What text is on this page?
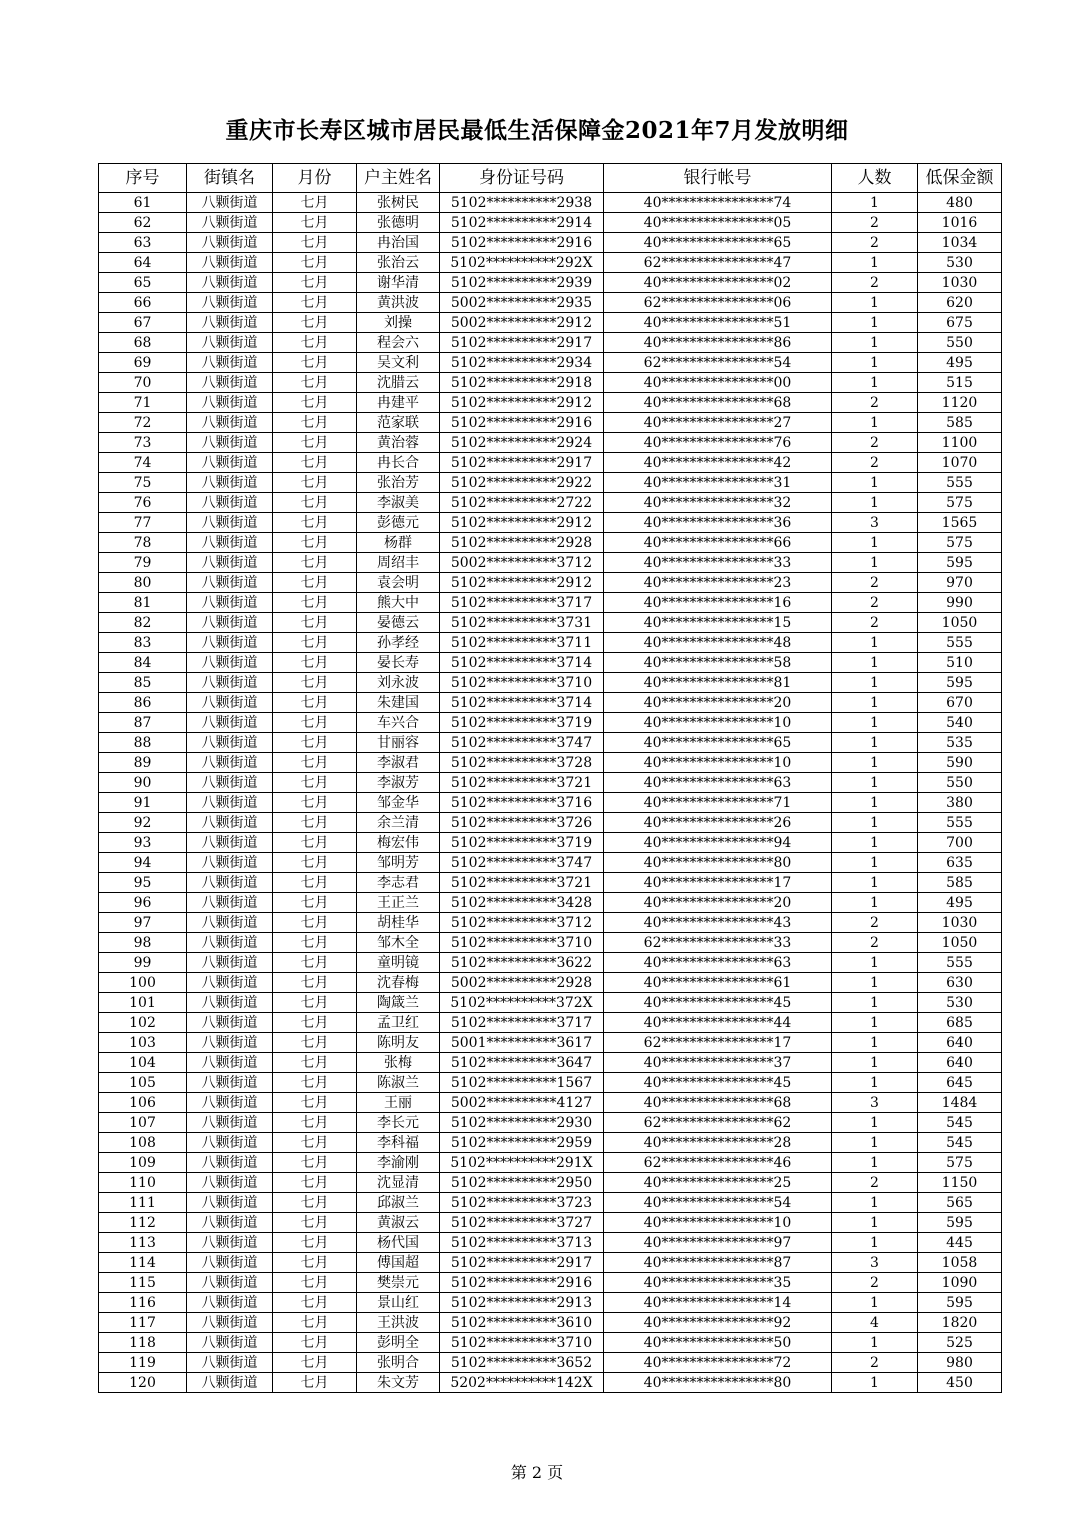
重庆市长寿区城市居民最低生活保障金2021年7月发放明细
序号	街镇名	月份	户主姓名	身份证号码	银行帐号	人数	低保金额
61	八颗街道	七月	张树民	5102**********2938	40****************74	1	480
62	八颗街道	七月	张德明	5102**********2914	40****************05	2	1016
63	八颗街道	七月	冉治国	5102**********2916	40****************65	2	1034
64	八颗街道	七月	张治云	5102**********292X	62****************47	1	530
65	八颗街道	七月	谢华清	5102**********2939	40****************02	2	1030
66	八颗街道	七月	黄洪波	5002**********2935	62****************06	1	620
67	八颗街道	七月	刘操	5002**********2912	40****************51	1	675
68	八颗街道	七月	程会六	5102**********2917	40****************86	1	550
69	八颗街道	七月	吴文利	5102**********2934	62****************54	1	495
70	八颗街道	七月	沈腊云	5102**********2918	40****************00	1	515
71	八颗街道	七月	冉建平	5102**********2912	40****************68	2	1120
72	八颗街道	七月	范家联	5102**********2916	40****************27	1	585
73	八颗街道	七月	黄治蓉	5102**********2924	40****************76	2	1100
74	八颗街道	七月	冉长合	5102**********2917	40****************42	2	1070
75	八颗街道	七月	张治芳	5102**********2922	40****************31	1	555
76	八颗街道	七月	李淑美	5102**********2722	40****************32	1	575
77	八颗街道	七月	彭德元	5102**********2912	40****************36	3	1565
78	八颗街道	七月	杨群	5102**********2928	40****************66	1	575
79	八颗街道	七月	周绍丰	5002**********3712	40****************33	1	595
80	八颗街道	七月	袁会明	5102**********2912	40****************23	2	970
81	八颗街道	七月	熊大中	5102**********3717	40****************16	2	990
82	八颗街道	七月	晏德云	5102**********3731	40****************15	2	1050
83	八颗街道	七月	孙孝经	5102**********3711	40****************48	1	555
84	八颗街道	七月	晏长寿	5102**********3714	40****************58	1	510
85	八颗街道	七月	刘永波	5102**********3710	40****************81	1	595
86	八颗街道	七月	朱建国	5102**********3714	40****************20	1	670
87	八颗街道	七月	车兴合	5102**********3719	40****************10	1	540
88	八颗街道	七月	甘丽容	5102**********3747	40****************65	1	535
89	八颗街道	七月	李淑君	5102**********3728	40****************10	1	590
90	八颗街道	七月	李淑芳	5102**********3721	40****************63	1	550
91	八颗街道	七月	邹金华	5102**********3716	40****************71	1	380
92	八颗街道	七月	余兰清	5102**********3726	40****************26	1	555
93	八颗街道	七月	梅宏伟	5102**********3719	40****************94	1	700
94	八颗街道	七月	邹明芳	5102**********3747	40****************80	1	635
95	八颗街道	七月	李志君	5102**********3721	40****************17	1	585
96	八颗街道	七月	王正兰	5102**********3428	40****************20	1	495
97	八颗街道	七月	胡桂华	5102**********3712	40****************43	2	1030
98	八颗街道	七月	邹木全	5102**********3710	62****************33	2	1050
99	八颗街道	七月	童明镜	5102**********3622	40****************63	1	555
100	八颗街道	七月	沈春梅	5002**********2928	40****************61	1	630
101	八颗街道	七月	陶箴兰	5102**********372X	40****************45	1	530
102	八颗街道	七月	孟卫红	5102**********3717	40****************44	1	685
103	八颗街道	七月	陈明友	5001**********3617	62****************17	1	640
104	八颗街道	七月	张梅	5102**********3647	40****************37	1	640
105	八颗街道	七月	陈淑兰	5102**********1567	40****************45	1	645
106	八颗街道	七月	王丽	5002**********4127	40****************68	3	1484
107	八颗街道	七月	李长元	5102**********2930	62****************62	1	545
108	八颗街道	七月	李科福	5102**********2959	40****************28	1	545
109	八颗街道	七月	李渝刚	5102**********291X	62****************46	1	575
110	八颗街道	七月	沈显清	5102**********2950	40****************25	2	1150
111	八颗街道	七月	邱淑兰	5102**********3723	40****************54	1	565
112	八颗街道	七月	黄淑云	5102**********3727	40****************10	1	595
113	八颗街道	七月	杨代国	5102**********3713	40****************97	1	445
114	八颗街道	七月	傅国超	5102**********2917	40****************87	3	1058
115	八颗街道	七月	樊崇元	5102**********2916	40****************35	2	1090
116	八颗街道	七月	景山红	5102**********2913	40****************14	1	595
117	八颗街道	七月	王洪波	5102**********3610	40****************92	4	1820
118	八颗街道	七月	彭明全	5102**********3710	40****************50	1	525
119	八颗街道	七月	张明合	5102**********3652	40****************72	2	980
120	八颗街道	七月	朱文芳	5202**********142X	40****************80	1	450
第 2 页
